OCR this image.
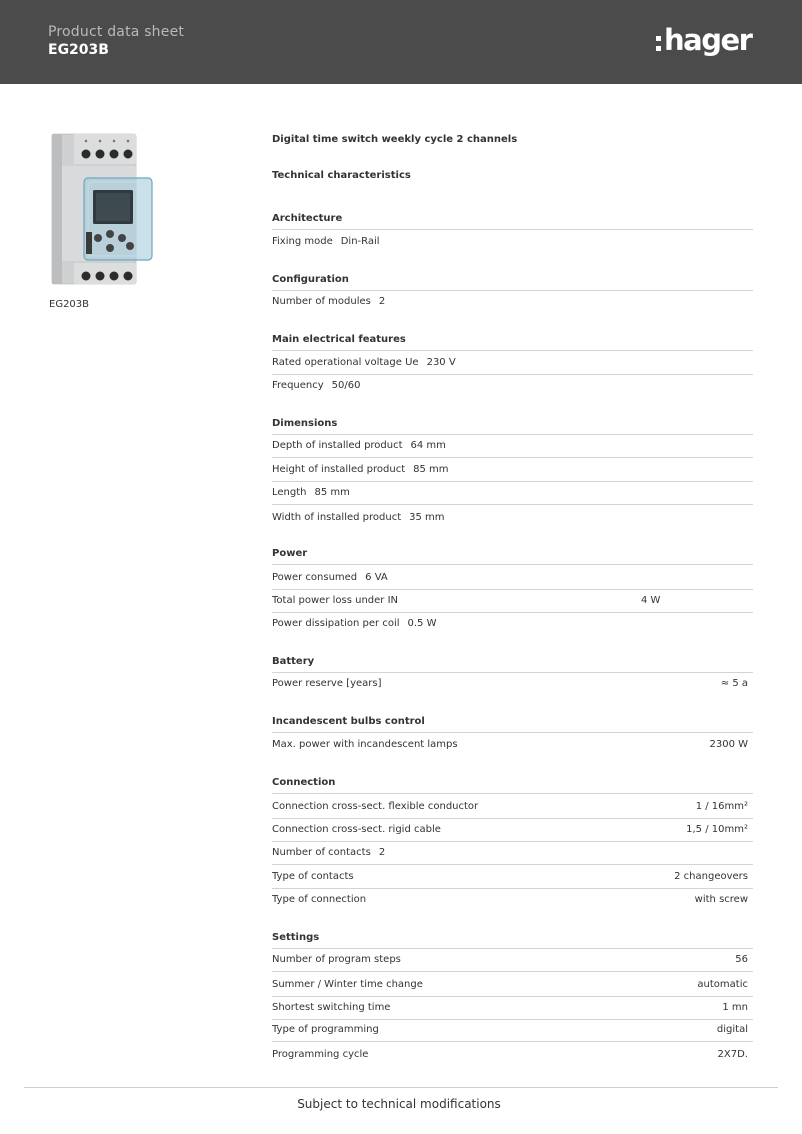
Product data sheet
EG203B	hager
EG203B
Digital time switch weekly cycle 2 channels
Technical characteristics
Architecture
Fixing mode Din-Rail
Configuration
Number of modules 2
Main electrical features
Rated operational voltage Ue 230 V
Frequency 50/60
Dimensions
Depth of installed product 64 mm
Height of installed product 85 mm
Length 85 mm
Width of installed product 35 mm
Power
Power consumed 6 VA
Total power loss under IN	4 W
Power dissipation per coil 0.5 W
Battery
Power reserve [years]	≈ 5 a
Incandescent bulbs control
Max. power with incandescent lamps	2300 W
Connection
Connection cross-sect. flexible conductor	1 / 16mm²
Connection cross-sect. rigid cable	1,5 / 10mm²
Number of contacts 2
Type of contacts	2 changeovers
Type of connection	with screw
Settings
Number of program steps	56
Summer / Winter time change	automatic
Shortest switching time	1 mn
Type of programming	digital
Programming cycle	2X7D.
Subject to technical modifications
